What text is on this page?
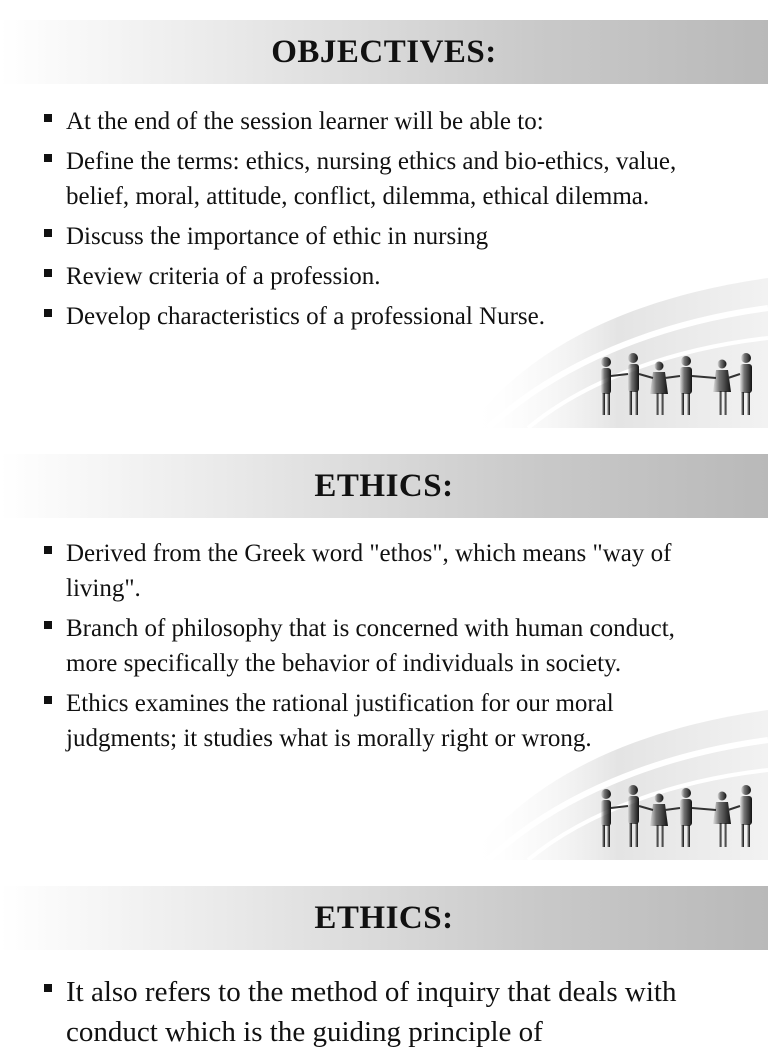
OBJECTIVES:
At the end of the session learner will be able to:
Define the terms: ethics, nursing ethics and bio-ethics, value, belief, moral, attitude, conflict, dilemma, ethical dilemma.
Discuss the importance of ethic in nursing
Review criteria of a profession.
Develop characteristics of a professional Nurse.
ETHICS:
Derived from the Greek word "ethos", which means "way of living".
Branch of philosophy that is concerned with human conduct, more specifically the behavior of individuals in society.
Ethics examines the rational justification for our moral judgments; it studies what is morally right or wrong.
ETHICS:
It also refers to the method of inquiry that deals with conduct which is the guiding principle of
